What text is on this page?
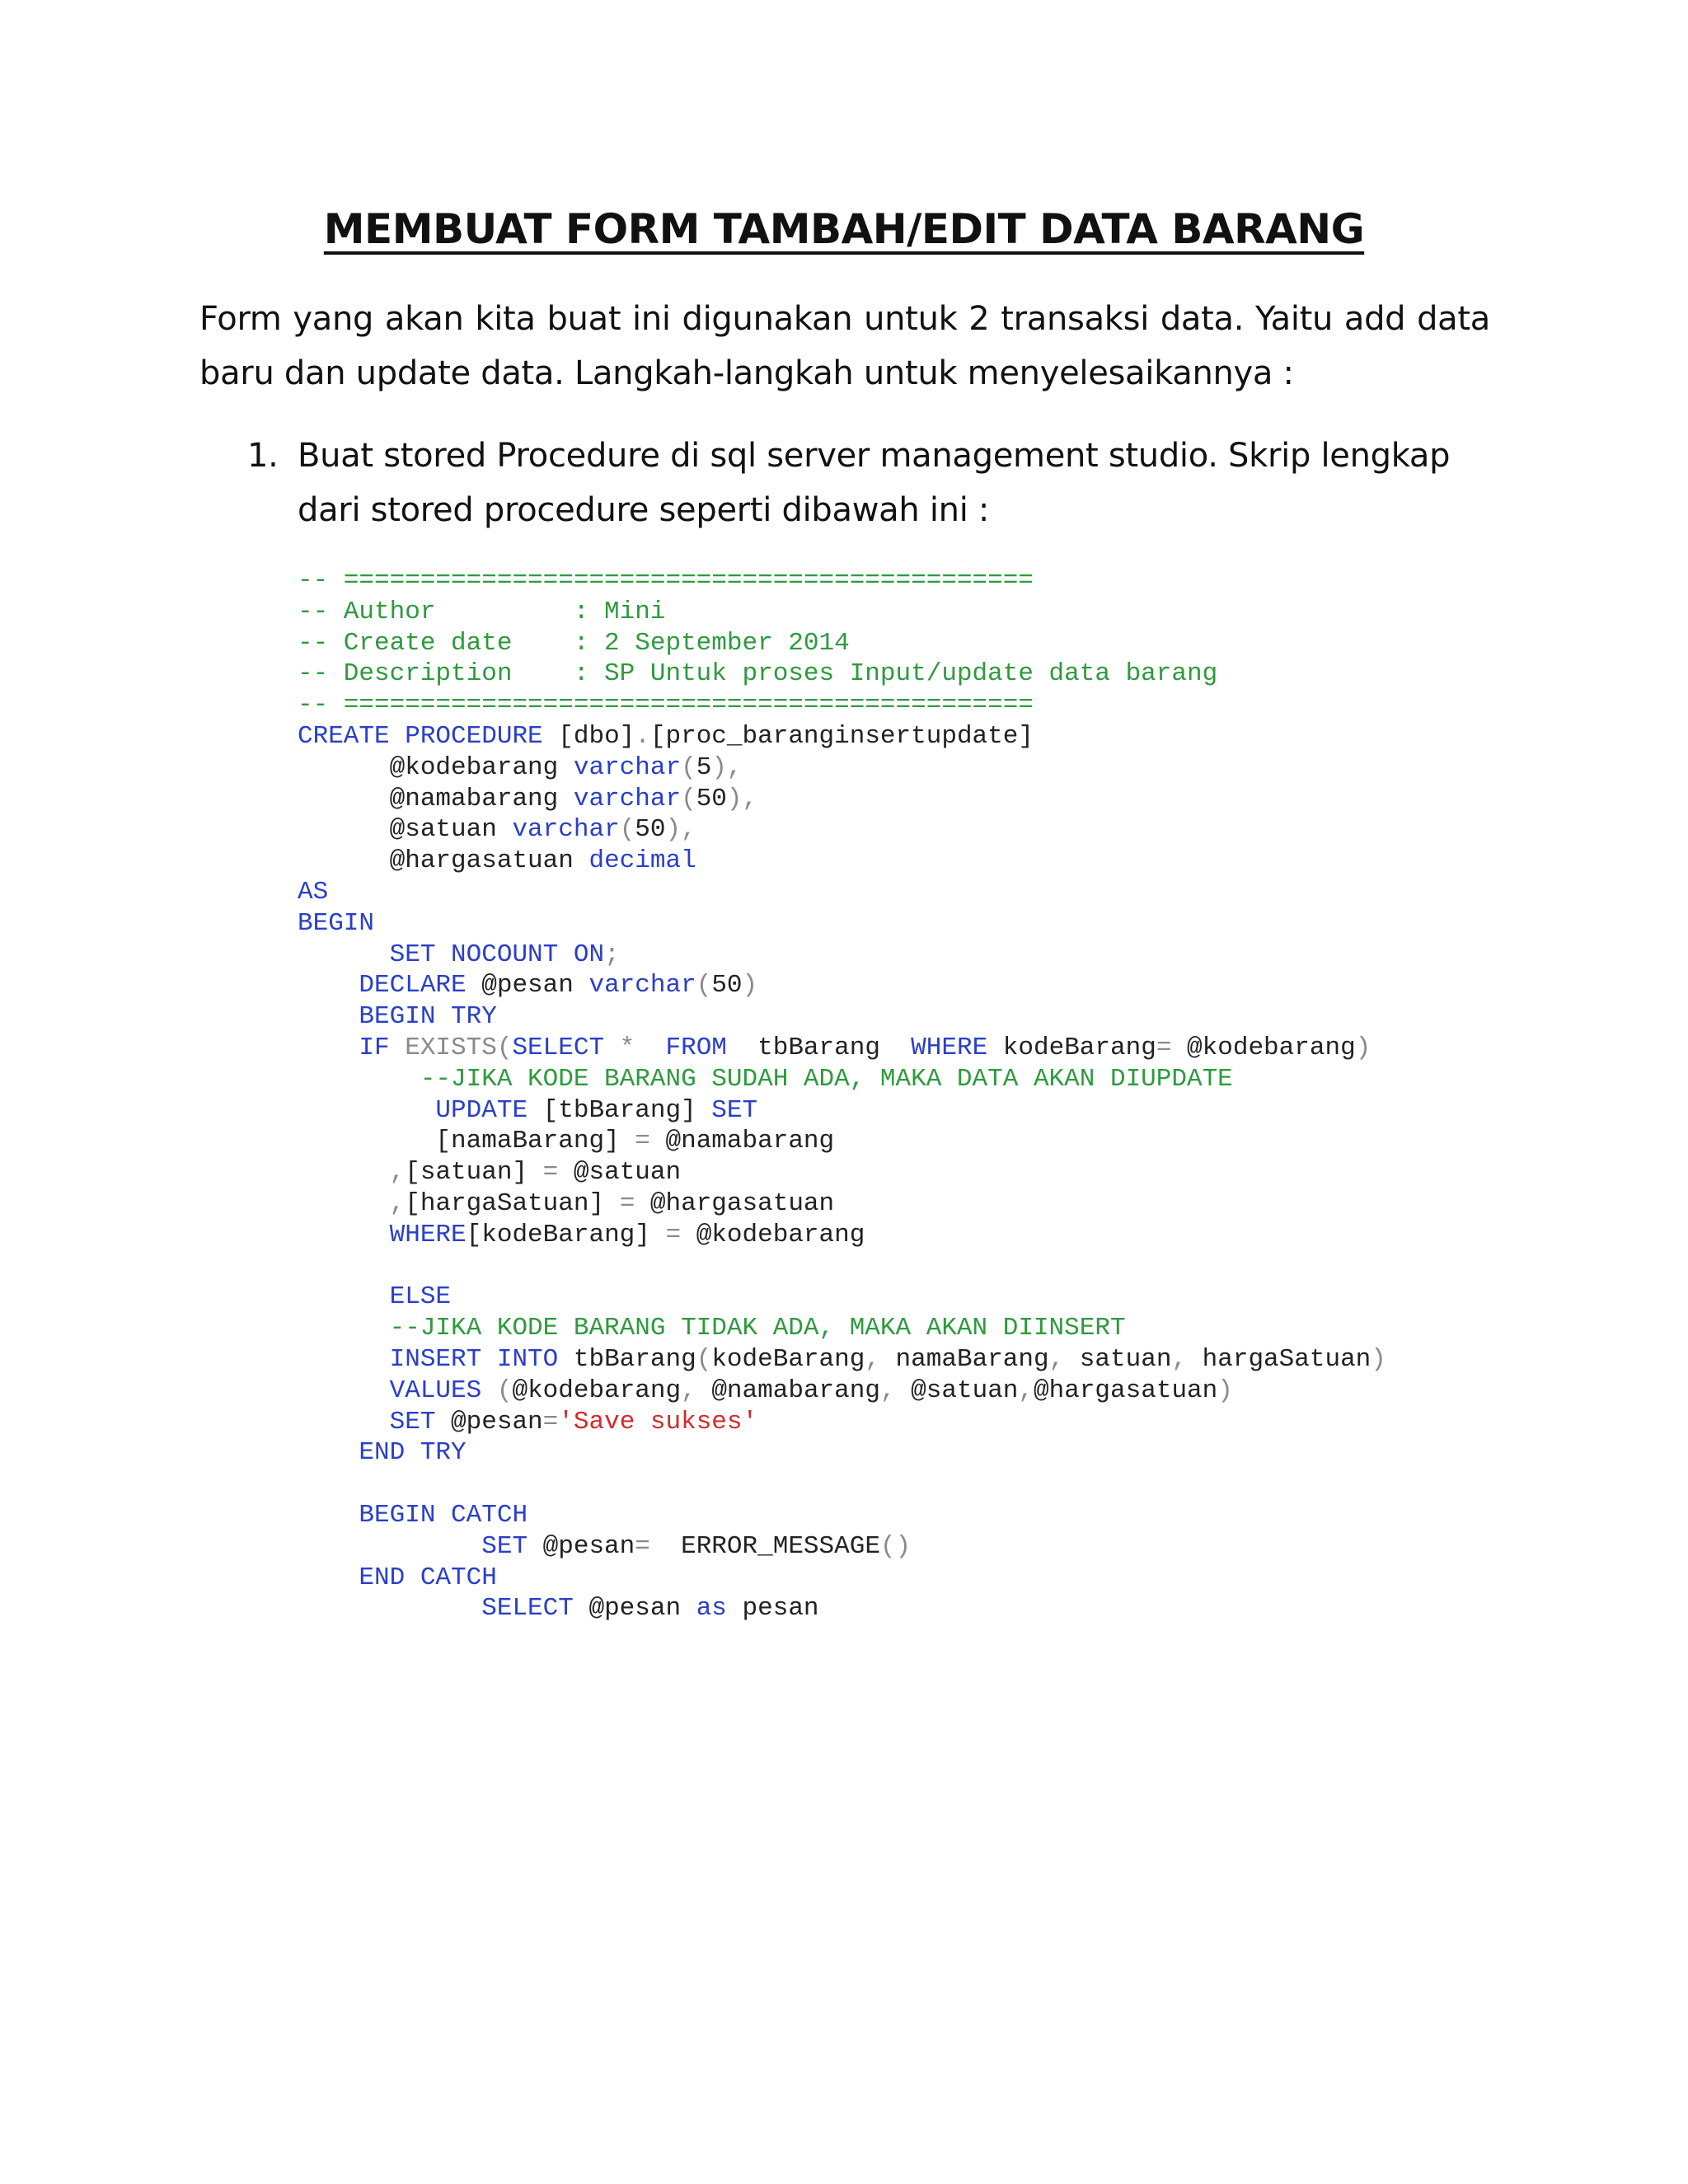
MEMBUAT FORM TAMBAH/EDIT DATA BARANG

Form yang akan kita buat ini digunakan untuk 2 transaksi data. Yaitu add data baru dan update data. Langkah-langkah untuk menyelesaikannya :

1. Buat stored Procedure di sql server management studio. Skrip lengkap dari stored procedure seperti dibawah ini :
-- =============================================
-- Author         : Mini
-- Create date    : 2 September 2014
-- Description    : SP Untuk proses Input/update data barang
-- =============================================
CREATE PROCEDURE [dbo].[proc_baranginsertupdate]
@kodebarang varchar(5),
@namabarang varchar(50),
@satuan varchar(50),
@hargasatuan decimal
AS
BEGIN
SET NOCOUNT ON;
DECLARE @pesan varchar(50)
BEGIN TRY
IF EXISTS(SELECT *  FROM  tbBarang  WHERE kodeBarang= @kodebarang)
--JIKA KODE BARANG SUDAH ADA, MAKA DATA AKAN DIUPDATE
UPDATE [tbBarang] SET
[namaBarang] = @namabarang
,[satuan] = @satuan
,[hargaSatuan] = @hargasatuan
WHERE[kodeBarang] = @kodebarang
ELSE
--JIKA KODE BARANG TIDAK ADA, MAKA AKAN DIINSERT
INSERT INTO tbBarang(kodeBarang, namaBarang, satuan, hargaSatuan)
VALUES (@kodebarang, @namabarang, @satuan,@hargasatuan)
SET @pesan='Save sukses'
END TRY
BEGIN CATCH
SET @pesan=  ERROR_MESSAGE()
END CATCH
SELECT @pesan as pesan
